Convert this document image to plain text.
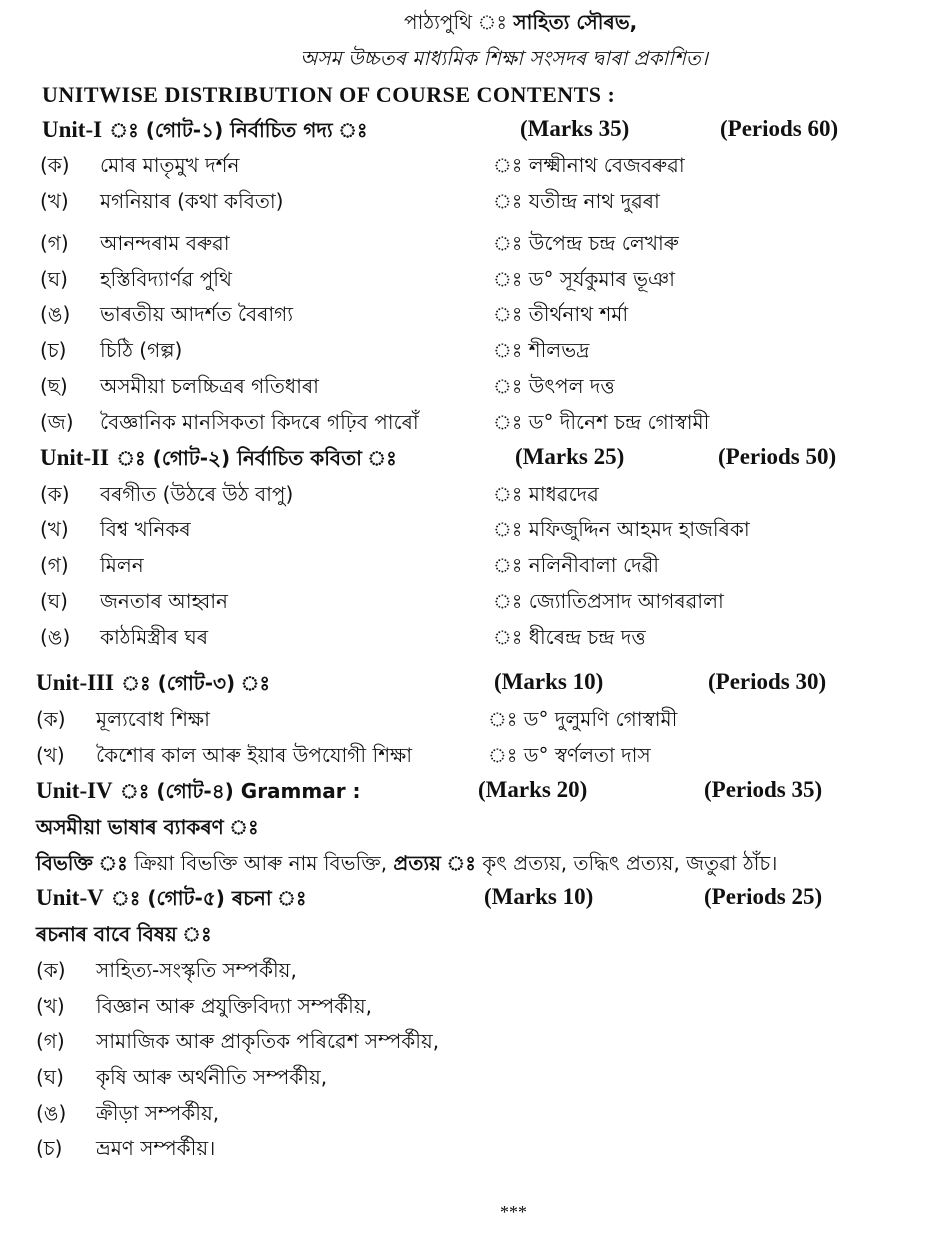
পাঠ্যপুথি ঃ সাহিত্য সৌৰভ,
অসম উচ্চতৰ মাধ্যমিক শিক্ষা সংসদৰ দ্বাৰা প্ৰকাশিত।
UNITWISE DISTRIBUTION OF COURSE CONTENTS :
Unit-I ঃ (গোট-১) নিৰ্বাচিত গদ্য ঃ	(Marks 35)	(Periods 60)
(ক) মোৰ মাতৃমুখ দৰ্শন	ঃ লক্ষ্মীনাথ বেজবৰুৱা
(খ) মগনিয়াৰ (কথা কবিতা)	ঃ যতীন্দ্ৰ নাথ দুৱৰা
(গ) আনন্দৰাম বৰুৱা	ঃ উপেন্দ্ৰ চন্দ্ৰ লেখাৰু
(ঘ) হস্তিবিদ্যাৰ্ণৱ পুথি	ঃ ড° সূৰ্যকুমাৰ ভূঞা
(ঙ) ভাৰতীয় আদৰ্শত বৈৰাগ্য	ঃ তীৰ্থনাথ শৰ্মা
(চ) চিঠি (গল্প)	ঃ শীলভদ্ৰ
(ছ) অসমীয়া চলচ্চিত্ৰৰ গতিধাৰা	ঃ উৎপল দত্ত
(জ) বৈজ্ঞানিক মানসিকতা কিদৰে গঢ়িব পাৰোঁ	ঃ ড° দীনেশ চন্দ্ৰ গোস্বামী
Unit-II ঃ (গোট-২) নিৰ্বাচিত কবিতা ঃ	(Marks 25)	(Periods 50)
(ক) বৰগীত (উঠৰে উঠ বাপু)	ঃ মাধৱদেৱ
(খ) বিশ্ব খনিকৰ	ঃ মফিজুদ্দিন আহমদ হাজৰিকা
(গ) মিলন	ঃ নলিনীবালা দেৱী
(ঘ) জনতাৰ আহ্বান	ঃ জ্যোতিপ্ৰসাদ আগৰৱালা
(ঙ) কাঠমিস্ত্ৰীৰ ঘৰ	ঃ ধীৰেন্দ্ৰ চন্দ্ৰ দত্ত
Unit-III ঃ (গোট-৩) ঃ	(Marks 10)	(Periods 30)
(ক) মূল্যবোধ শিক্ষা	ঃ ড° দুলুমণি গোস্বামী
(খ) কৈশোৰ কাল আৰু ইয়াৰ উপযোগী শিক্ষা	ঃ ড° স্বৰ্ণলতা দাস
Unit-IV ঃ (গোট-৪) Grammar :	(Marks 20)	(Periods 35)
অসমীয়া ভাষাৰ ব্যাকৰণ ঃ
বিভক্তি ঃ ক্ৰিয়া বিভক্তি আৰু নাম বিভক্তি, প্ৰত্যয় ঃ কৃৎ প্ৰত্যয়, তদ্ধিৎ প্ৰত্যয়, জতুৱা ঠাঁচ।
Unit-V ঃ (গোট-৫) ৰচনা ঃ	(Marks 10)	(Periods 25)
ৰচনাৰ বাবে বিষয় ঃ
(ক) সাহিত্য-সংস্কৃতি সম্পৰ্কীয়,
(খ) বিজ্ঞান আৰু প্ৰযুক্তিবিদ্যা সম্পৰ্কীয়,
(গ) সামাজিক আৰু প্ৰাকৃতিক পৰিৱেশ সম্পৰ্কীয়,
(ঘ) কৃষি আৰু অৰ্থনীতি সম্পৰ্কীয়,
(ঙ) ক্ৰীড়া সম্পৰ্কীয়,
(চ) ভ্ৰমণ সম্পৰ্কীয়।
***
